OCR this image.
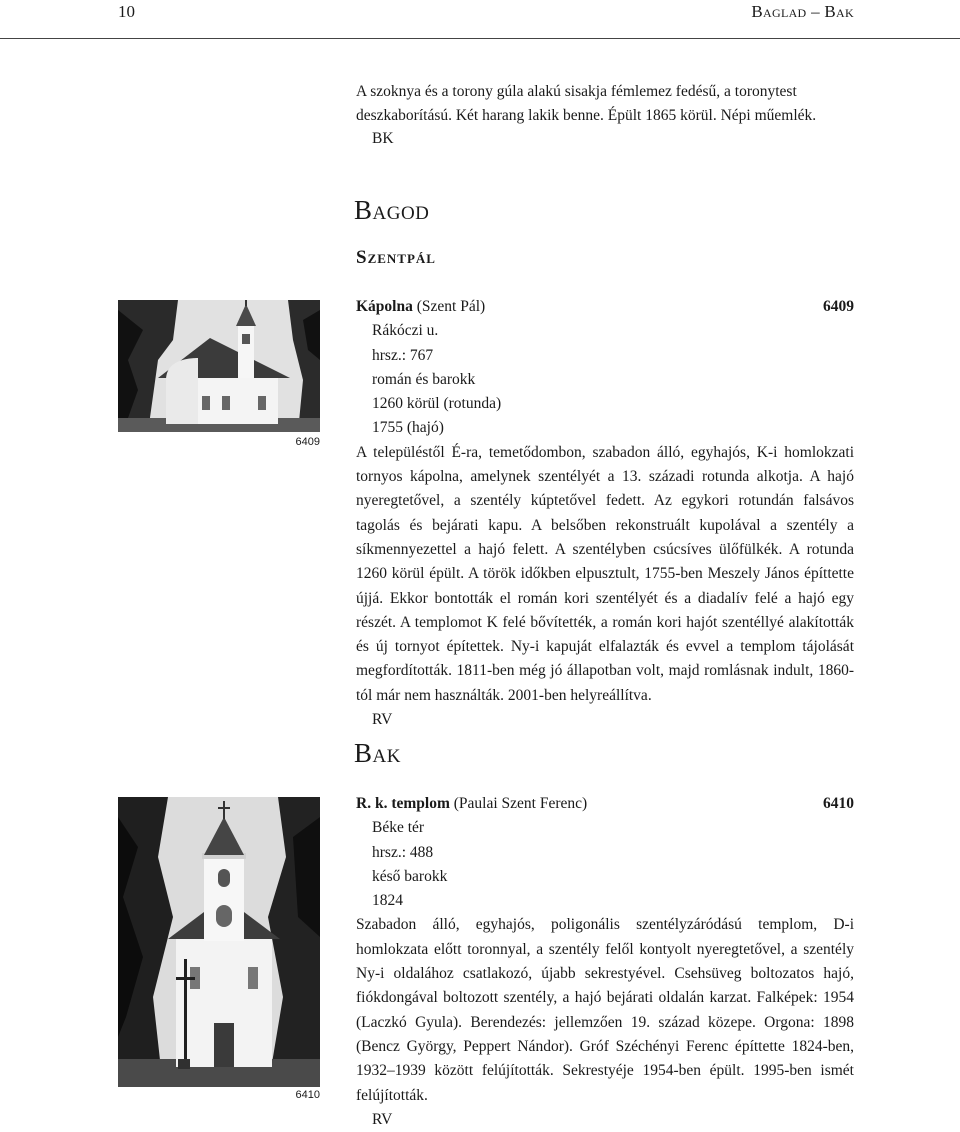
10	Baglad – Bak

A szoknya és a torony gúla alakú sisakja fémlemez fedésű, a toronytest deszkaborítású. Két harang lakik benne. Épült 1865 körül. Népi műemlék.

BK
Bagod
Szentpál
6409
Kápolna (Szent Pál)	6409
Rákóczi u.
hrsz.: 767
román és barokk
1260 körül (rotunda)
1755 (hajó)

A településtől É-ra, temetődombon, szabadon álló, egyhajós, K-i homlokzati tornyos kápolna, amelynek szentélyét a 13. századi rotunda alkotja. A hajó nyeregtetővel, a szentély kúptetővel fedett. Az egykori rotundán falsávos tagolás és bejárati kapu. A belsőben rekonstruált kupolával a szentély a síkmennyezettel a hajó felett. A szentélyben csúcsíves ülőfülkék. A rotunda 1260 körül épült. A török időkben elpusztult, 1755-ben Meszely János építtette újjá. Ekkor bontották el román kori szentélyét és a diadalív felé a hajó egy részét. A templomot K felé bővítették, a román kori hajót szentéllyé alakították és új tornyot építettek. Ny-i kapuját elfalazták és evvel a templom tájolását megfordították. 1811-ben még jó állapotban volt, majd romlásnak indult, 1860-tól már nem használták. 2001-ben helyreállítva.

RV
Bak
6410
R. k. templom (Paulai Szent Ferenc)	6410
Béke tér
hrsz.: 488
késő barokk
1824

Szabadon álló, egyhajós, poligonális szentélyzáródású templom, D-i homlokzata előtt toronnyal, a szentély felől kontyolt nyeregtetővel, a szentély Ny-i oldalához csatlakozó, újabb sekrestyével. Csehsüveg boltozatos hajó, fiókdongával boltozott szentély, a hajó bejárati oldalán karzat. Falképek: 1954 (Laczkó Gyula). Berendezés: jellemzően 19. század közepe. Orgona: 1898 (Bencz György, Peppert Nándor). Gróf Széchényi Ferenc építtette 1824-ben, 1932–1939 között felújították. Sekrestyéje 1954-ben épült. 1995-ben ismét felújították.

RV
